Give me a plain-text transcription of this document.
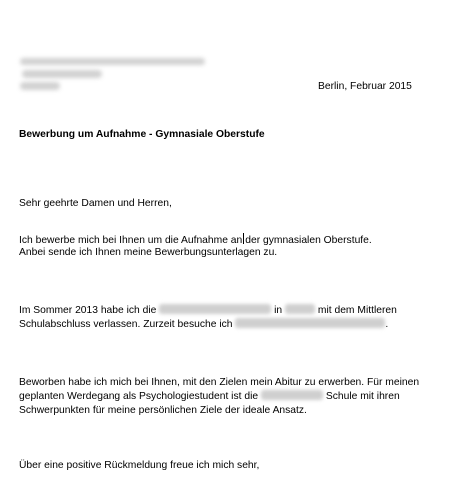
Berlin, Februar 2015
Bewerbung um Aufnahme - Gymnasiale Oberstufe
Sehr geehrte Damen und Herren,
Ich bewerbe mich bei Ihnen um die Aufnahme an der gymnasialen Oberstufe.
Anbei sende ich Ihnen meine Bewerbungsunterlagen zu.
Im Sommer 2013 habe ich die	in	mit dem Mittleren
Schulabschluss verlassen. Zurzeit besuche ich	.
Beworben habe ich mich bei Ihnen, mit den Zielen mein Abitur zu erwerben. Für meinen
geplanten Werdegang als Psychologiestudent ist die	Schule mit ihren
Schwerpunkten für meine persönlichen Ziele der ideale Ansatz.
Über eine positive Rückmeldung freue ich mich sehr,
